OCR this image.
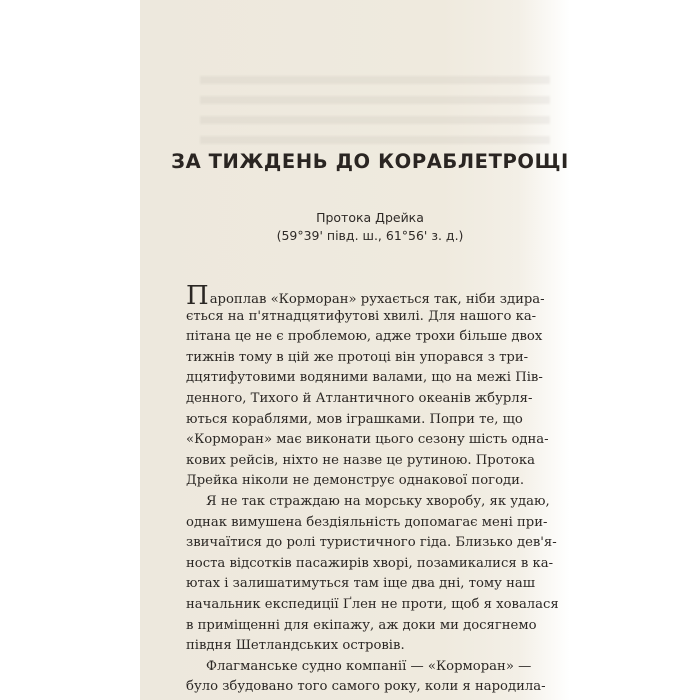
ЗА ТИЖДЕНЬ ДО КОРАБЛЕТРОЩІ
Протока Дрейка
(59°39' півд. ш., 61°56' з. д.)
Пароплав «Корморан» рухається так, ніби здира-
ється на п'ятнадцятифутові хвилі. Для нашого ка-
пітана це не є проблемою, адже трохи більше двох
тижнів тому в цій же протоці він упорався з три-
дцятифутовими водяними валами, що на межі Пів-
денного, Тихого й Атлантичного океанів жбурля-
ються кораблями, мов іграшками. Попри те, що
«Корморан» має виконати цього сезону шість одна-
кових рейсів, ніхто не назве це рутиною. Протока
Дрейка ніколи не демонструє однакової погоди.
Я не так страждаю на морську хворобу, як удаю,
однак вимушена бездіяльність допомагає мені при-
звичаїтися до ролі туристичного гіда. Близько дев'я-
носта відсотків пасажирів хворі, позамикалися в ка-
ютах і залишатимуться там іще два дні, тому наш
начальник експедиції Ґлен не проти, щоб я ховалася
в приміщенні для екіпажу, аж доки ми досягнемо
півдня Шетландських островів.
Флагманське судно компанії — «Корморан» —
було збудовано того самого року, коли я народила-
